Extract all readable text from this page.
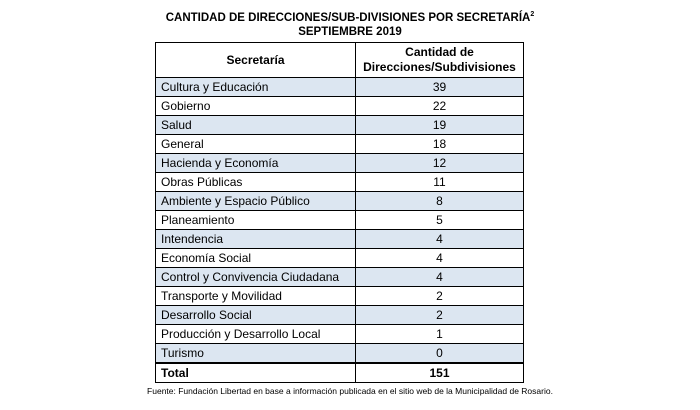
CANTIDAD DE DIRECCIONES/SUB-DIVISIONES POR SECRETARÍA$^2$
SEPTIEMBRE 2019
Secretaría	Cantidad de
Direcciones/Subdivisiones

Cultura y Educación	39
Gobierno	22
Salud	19
General	18
Hacienda y Economía	12
Obras Públicas	11
Ambiente y Espacio Público	8
Planeamiento	5
Intendencia	4
Economía Social	4
Control y Convivencia Ciudadana	4
Transporte y Movilidad	2
Desarrollo Social	2
Producción y Desarrollo Local	1
Turismo	0
Total	151
Fuente: Fundación Libertad en base a información publicada en el sitio web de la Municipalidad de Rosario.
